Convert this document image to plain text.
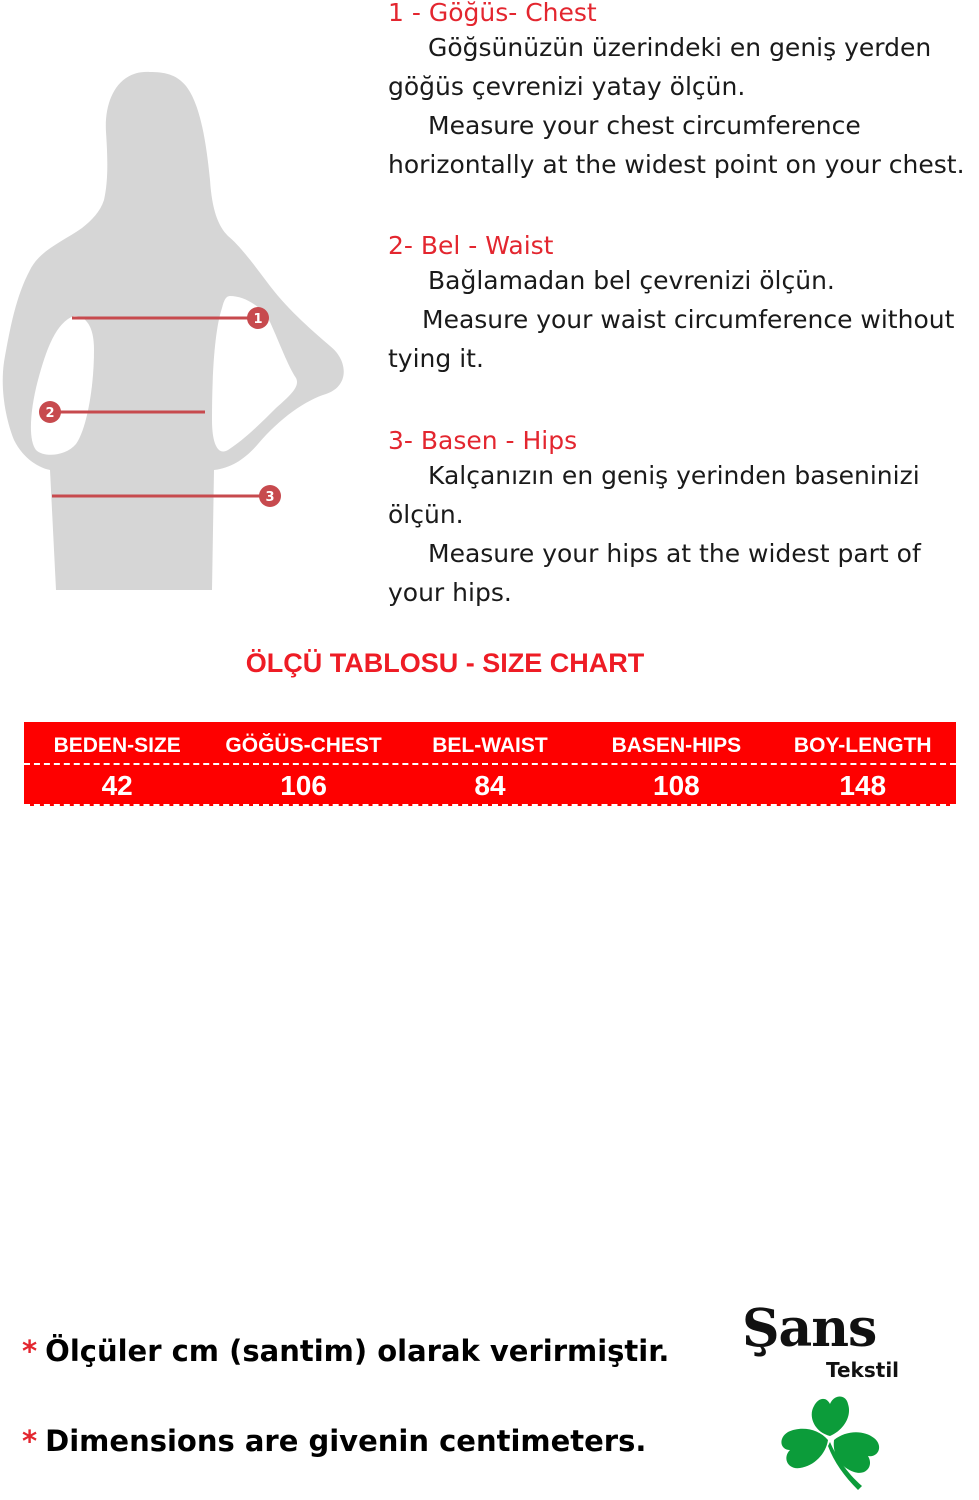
1
2
3
1 - Göğüs- Chest
Göğsünüzün üzerindeki en geniş yerden
göğüs çevrenizi yatay ölçün.
Measure your chest circumference
horizontally at the widest point on your chest.
2- Bel - Waist
Bağlamadan bel çevrenizi ölçün.
Measure your waist circumference without
tying it.
3- Basen - Hips
Kalçanızın en geniş yerinden baseninizi
ölçün.
Measure your hips at the widest part of
your hips.
ÖLÇÜ TABLOSU - SIZE CHART
BEDEN-SIZE	GÖĞÜS-CHEST	BEL-WAIST	BASEN-HIPS	BOY-LENGTH
42	106	84	108	148
* Ölçüler cm (santim) olarak verirmiştir.
* Dimensions are givenin centimeters.
Şans
Tekstil
